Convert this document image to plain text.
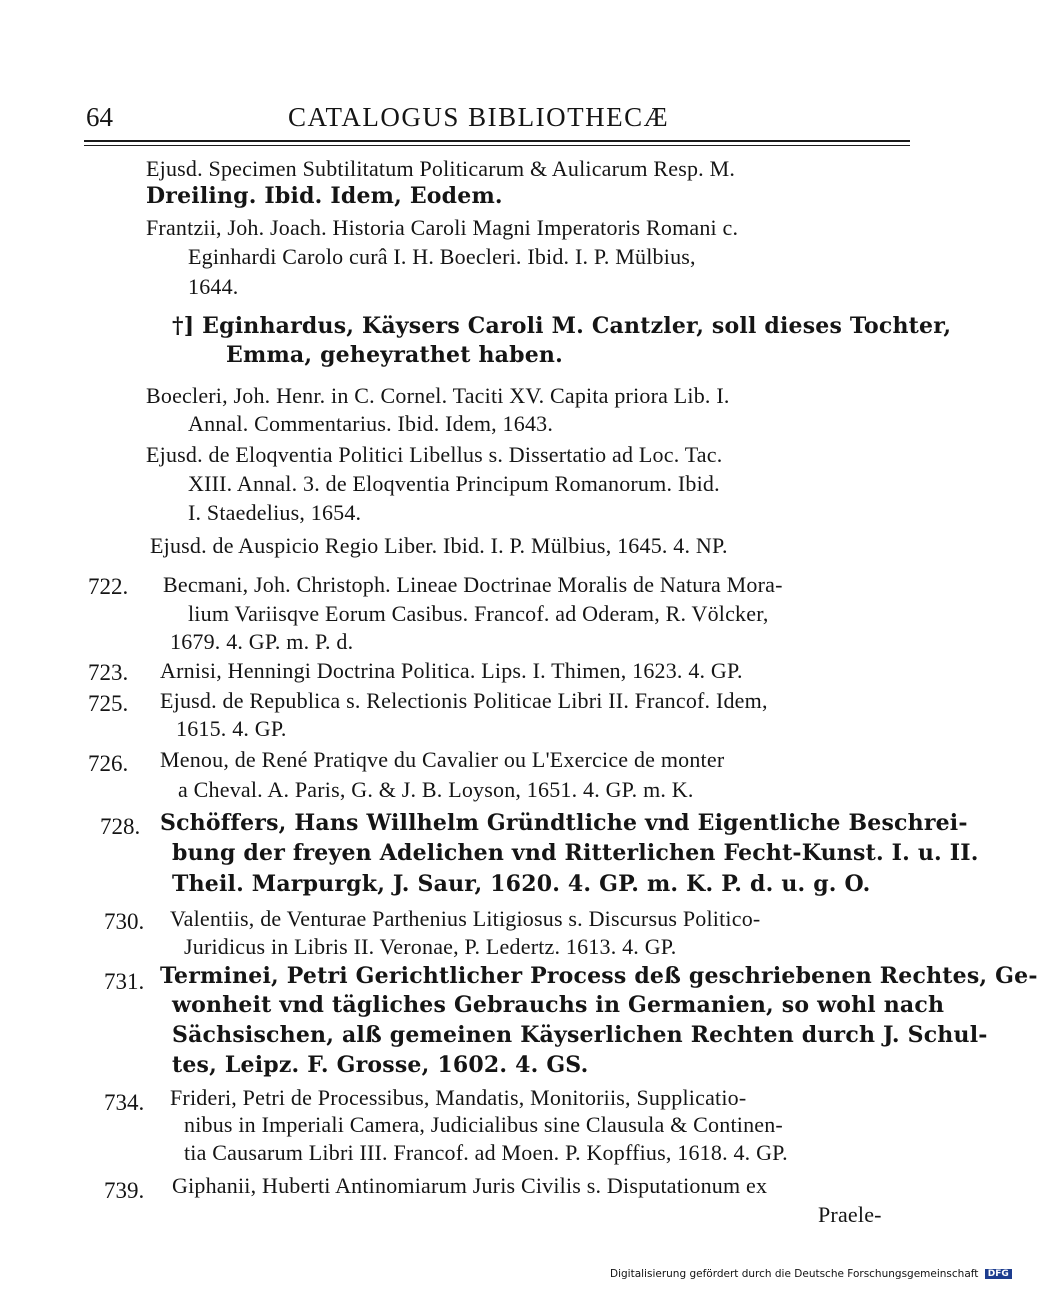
64	CATALOGUS BIBLIOTHECÆ
Ejusd. Specimen Subtilitatum Politicarum & Aulicarum Resp. M.
Dreiling. Ibid. Idem, Eodem.
Frantzii, Joh. Joach. Historia Caroli Magni Imperatoris Romani c.
Eginhardi Carolo curâ I. H. Boecleri. Ibid. I. P. Mülbius,
1644.
†] Eginhardus, Käysers Caroli M. Cantzler, soll dieses Tochter,
Emma, geheyrathet haben.
Boecleri, Joh. Henr. in C. Cornel. Taciti XV. Capita priora Lib. I.
Annal. Commentarius. Ibid. Idem, 1643.
Ejusd. de Eloqventia Politici Libellus s. Dissertatio ad Loc. Tac.
XIII. Annal. 3. de Eloqventia Principum Romanorum. Ibid.
I. Staedelius, 1654.
Ejusd. de Auspicio Regio Liber. Ibid. I. P. Mülbius, 1645. 4. NP.
722. Becmani, Joh. Christoph. Lineae Doctrinae Moralis de Natura Mora-
lium Variisqve Eorum Casibus. Francof. ad Oderam, R. Völcker,
1679. 4. GP. m. P. d.
723. Arnisi, Henningi Doctrina Politica. Lips. I. Thimen, 1623. 4. GP.
725. Ejusd. de Republica s. Relectionis Politicae Libri II. Francof. Idem,
1615. 4. GP.
726. Menou, de René Pratiqve du Cavalier ou L'Exercice de monter
a Cheval. A. Paris, G. & J. B. Loyson, 1651. 4. GP. m. K.
728. Schöffers, Hans Willhelm Gründtliche vnd Eigentliche Beschrei-
bung der freyen Adelichen vnd Ritterlichen Fecht-Kunst. I. u. II.
Theil. Marpurgk, J. Saur, 1620. 4. GP. m. K. P. d. u. g. O.
730. Valentiis, de Venturae Parthenius Litigiosus s. Discursus Politico-
Juridicus in Libris II. Veronae, P. Ledertz. 1613. 4. GP.
731. Terminei, Petri Gerichtlicher Process deß geschriebenen Rechtes, Ge-
wonheit vnd tägliches Gebrauchs in Germanien, so wohl nach
Sächsischen, alß gemeinen Käyserlichen Rechten durch J. Schul-
tes, Leipz. F. Grosse, 1602. 4. GS.
734. Frideri, Petri de Processibus, Mandatis, Monitoriis, Supplicatio-
nibus in Imperiali Camera, Judicialibus sine Clausula & Continen-
tia Causarum Libri III. Francof. ad Moen. P. Kopffius, 1618. 4. GP.
739. Giphanii, Huberti Antinomiarum Juris Civilis s. Disputationum ex
Praele-
Digitalisierung gefördert durch die Deutsche Forschungsgemeinschaft DFG
